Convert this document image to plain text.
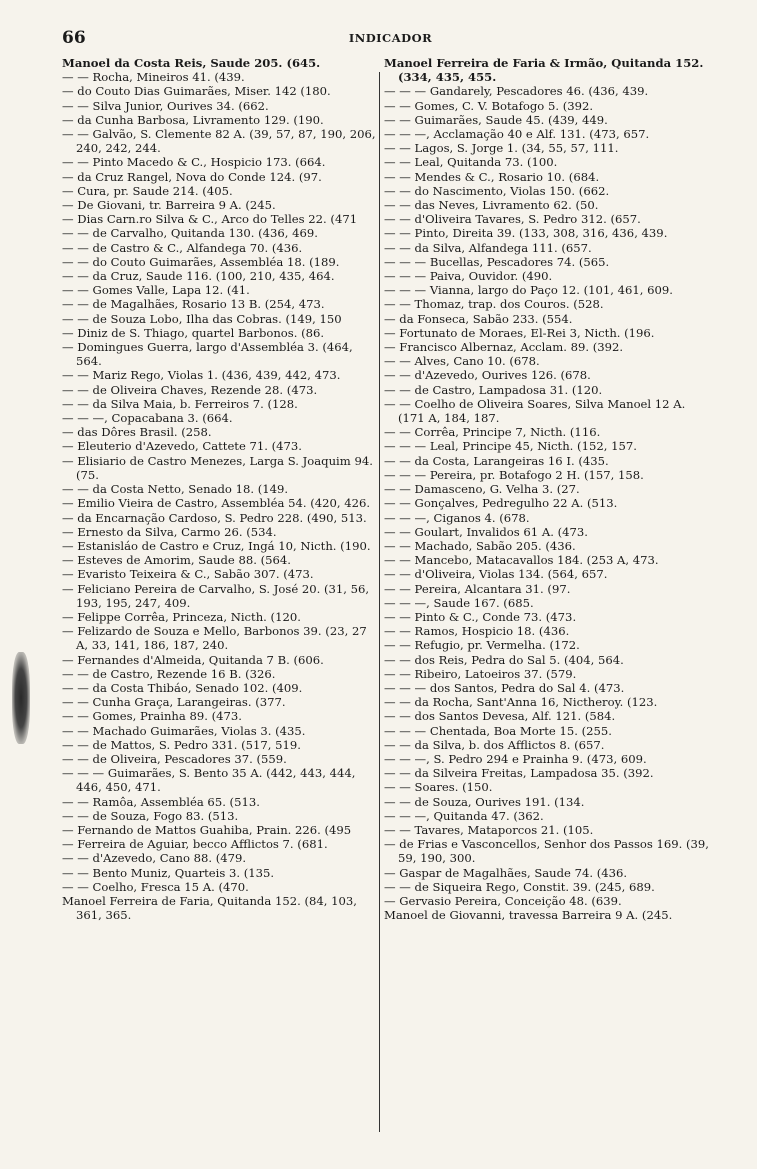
66	INDICADOR
Manoel da Costa Reis, Saude 205. (645.
— — Rocha, Mineiros 41. (439.
— do Couto Dias Guimarães, Miser. 142 (180.
— — Silva Junior, Ourives 34. (662.
— da Cunha Barbosa, Livramento 129. (190.
— — Galvão, S. Clemente 82 A. (39, 57, 87, 190, 206, 240, 242, 244.
— — Pinto Macedo & C., Hospicio 173. (664.
— da Cruz Rangel, Nova do Conde 124. (97.
— Cura, pr. Saude 214. (405.
— De Giovani, tr. Barreira 9 A. (245.
— Dias Carn.ro Silva & C., Arco do Telles 22. (471
— — de Carvalho, Quitanda 130. (436, 469.
— — de Castro & C., Alfandega 70. (436.
— — do Couto Guimarães, Assembléa 18. (189.
— — da Cruz, Saude 116. (100, 210, 435, 464.
— — Gomes Valle, Lapa 12. (41.
— — de Magalhães, Rosario 13 B. (254, 473.
— — de Souza Lobo, Ilha das Cobras. (149, 150
— Diniz de S. Thiago, quartel Barbonos. (86.
— Domingues Guerra, largo d'Assembléa 3. (464, 564.
— — Mariz Rego, Violas 1. (436, 439, 442, 473.
— — de Oliveira Chaves, Rezende 28. (473.
— — da Silva Maia, b. Ferreiros 7. (128.
— — —, Copacabana 3. (664.
— das Dôres Brasil. (258.
— Eleuterio d'Azevedo, Cattete 71. (473.
— Elisiario de Castro Menezes, Larga S. Joaquim 94. (75.
— — da Costa Netto, Senado 18. (149.
— Emilio Vieira de Castro, Assembléa 54. (420, 426.
— da Encarnação Cardoso, S. Pedro 228. (490, 513.
— Ernesto da Silva, Carmo 26. (534.
— Estanisláo de Castro e Cruz, Ingá 10, Nicth. (190.
— Esteves de Amorim, Saude 88. (564.
— Evaristo Teixeira & C., Sabão 307. (473.
— Feliciano Pereira de Carvalho, S. José 20. (31, 56, 193, 195, 247, 409.
— Felippe Corrêa, Princeza, Nicth. (120.
— Felizardo de Souza e Mello, Barbonos 39. (23, 27 A, 33, 141, 186, 187, 240.
— Fernandes d'Almeida, Quitanda 7 B. (606.
— — de Castro, Rezende 16 B. (326.
— — da Costa Thibáo, Senado 102. (409.
— — Cunha Graça, Larangeiras. (377.
— — Gomes, Prainha 89. (473.
— — Machado Guimarães, Violas 3. (435.
— — de Mattos, S. Pedro 331. (517, 519.
— — de Oliveira, Pescadores 37. (559.
— — — Guimarães, S. Bento 35 A. (442, 443, 444, 446, 450, 471.
— — Ramôa, Assembléa 65. (513.
— — de Souza, Fogo 83. (513.
— Fernando de Mattos Guahiba, Prain. 226. (495
— Ferreira de Aguiar, becco Afflictos 7. (681.
— — d'Azevedo, Cano 88. (479.
— — Bento Muniz, Quarteis 3. (135.
— — Coelho, Fresca 15 A. (470.
Manoel Ferreira de Faria, Quitanda 152. (84, 103, 361, 365.
Manoel Ferreira de Faria & Irmão, Quitanda 152. (334, 435, 455.
— — — Gandarely, Pescadores 46. (436, 439.
— — Gomes, C. V. Botafogo 5. (392.
— — Guimarães, Saude 45. (439, 449.
— — —, Acclamação 40 e Alf. 131. (473, 657.
— — Lagos, S. Jorge 1. (34, 55, 57, 111.
— — Leal, Quitanda 73. (100.
— — Mendes & C., Rosario 10. (684.
— — do Nascimento, Violas 150. (662.
— — das Neves, Livramento 62. (50.
— — d'Oliveira Tavares, S. Pedro 312. (657.
— — Pinto, Direita 39. (133, 308, 316, 436, 439.
— — da Silva, Alfandega 111. (657.
— — — Bucellas, Pescadores 74. (565.
— — — Paiva, Ouvidor. (490.
— — — Vianna, largo do Paço 12. (101, 461, 609.
— — Thomaz, trap. dos Couros. (528.
— da Fonseca, Sabão 233. (554.
— Fortunato de Moraes, El-Rei 3, Nicth. (196.
— Francisco Albernaz, Acclam. 89. (392.
— — Alves, Cano 10. (678.
— — d'Azevedo, Ourives 126. (678.
— — de Castro, Lampadosa 31. (120.
— — Coelho de Oliveira Soares, Silva Manoel 12 A. (171 A, 184, 187.
— — Corrêa, Principe 7, Nicth. (116.
— — — Leal, Principe 45, Nicth. (152, 157.
— — da Costa, Larangeiras 16 I. (435.
— — — Pereira, pr. Botafogo 2 H. (157, 158.
— — Damasceno, G. Velha 3. (27.
— — Gonçalves, Pedregulho 22 A. (513.
— — —, Ciganos 4. (678.
— — Goulart, Invalidos 61 A. (473.
— — Machado, Sabão 205. (436.
— — Mancebo, Matacavallos 184. (253 A, 473.
— — d'Oliveira, Violas 134. (564, 657.
— — Pereira, Alcantara 31. (97.
— — —, Saude 167. (685.
— — Pinto & C., Conde 73. (473.
— — Ramos, Hospicio 18. (436.
— — Refugio, pr. Vermelha. (172.
— — dos Reis, Pedra do Sal 5. (404, 564.
— — Ribeiro, Latoeiros 37. (579.
— — — dos Santos, Pedra do Sal 4. (473.
— — da Rocha, Sant'Anna 16, Nictheroy. (123.
— — dos Santos Devesa, Alf. 121. (584.
— — — Chentada, Boa Morte 15. (255.
— — da Silva, b. dos Afflictos 8. (657.
— — —, S. Pedro 294 e Prainha 9. (473, 609.
— — da Silveira Freitas, Lampadosa 35. (392.
— — Soares. (150.
— — de Souza, Ourives 191. (134.
— — —, Quitanda 47. (362.
— — Tavares, Mataporcos 21. (105.
— de Frias e Vasconcellos, Senhor dos Passos 169. (39, 59, 190, 300.
— Gaspar de Magalhães, Saude 74. (436.
— — de Siqueira Rego, Constit. 39. (245, 689.
— Gervasio Pereira, Conceição 48. (639.
Manoel de Giovanni, travessa Barreira 9 A. (245.
